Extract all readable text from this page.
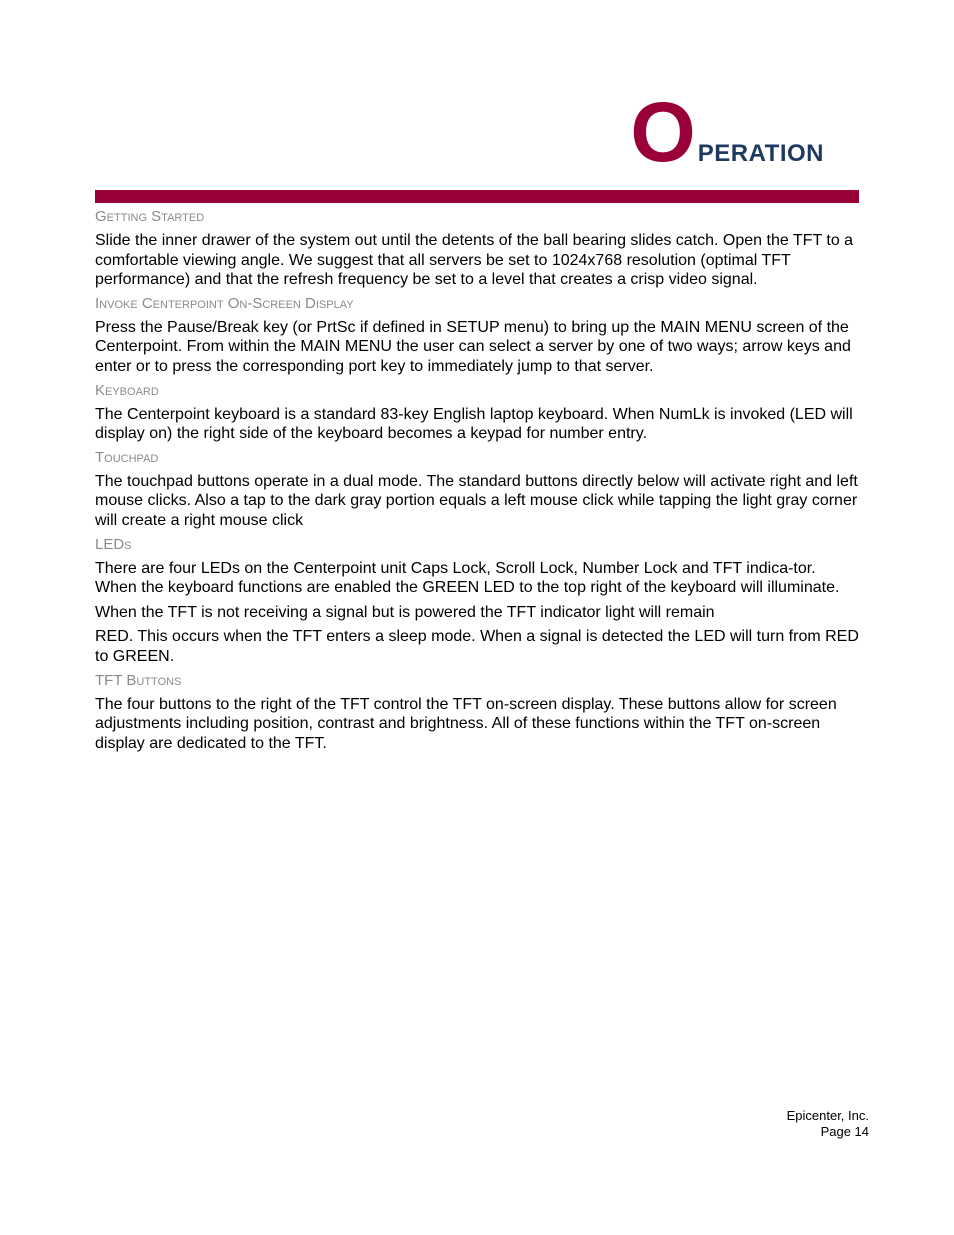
O PERATION
Getting Started

Slide the inner drawer of the system out until the detents of the ball bearing slides catch. Open the TFT to a comfortable viewing angle. We suggest that all servers be set to 1024x768 resolution (optimal TFT performance) and that the refresh frequency be set to a level that creates a crisp video signal.

Invoke Centerpoint On-Screen Display

Press the Pause/Break key (or PrtSc if defined in SETUP menu) to bring up the MAIN MENU screen of the Centerpoint. From within the MAIN MENU the user can select a server by one of two ways; arrow keys and enter or to press the corresponding port key to immediately jump to that server.

Keyboard

The Centerpoint keyboard is a standard 83-key English laptop keyboard. When NumLk is invoked (LED will display on) the right side of the keyboard becomes a keypad for number entry.

Touchpad

The touchpad buttons operate in a dual mode. The standard buttons directly below will activate right and left mouse clicks. Also a tap to the dark gray portion equals a left mouse click while tapping the light gray corner will create a right mouse click

LEDs

There are four LEDs on the Centerpoint unit Caps Lock, Scroll Lock, Number Lock and TFT indica-tor. When the keyboard functions are enabled the GREEN LED to the top right of the keyboard will illuminate.

When the TFT is not receiving a signal but is powered the TFT indicator light will remain

RED. This occurs when the TFT enters a sleep mode. When a signal is detected the LED will turn from RED to GREEN.

TFT Buttons

The four buttons to the right of the TFT control the TFT on-screen display. These buttons allow for screen adjustments including position, contrast and brightness. All of these functions within the TFT on-screen display are dedicated to the TFT.

Epicenter, Inc.
Page 14
